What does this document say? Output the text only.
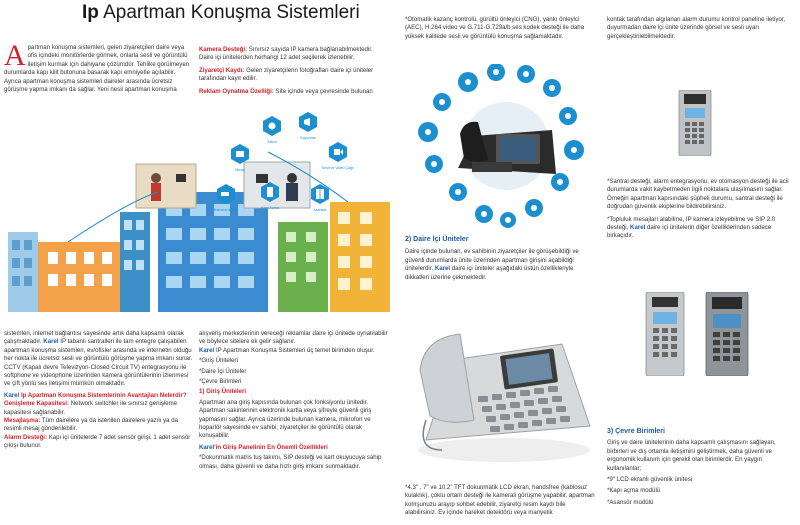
Ip Apartman Konuşma Sistemleri
A partman konuşma sistemleri, gelen ziyaretçileri daire veya ofis içindeki monitörlerde görmek, onlarla sesli ve görüntülü iletişim kurmak için dahiyane çözümdür. Tehlike görülmeyen durumlarda kapı kilit butonuna basarak kapı emniyetle açılabilir. Ayrıca apartman konuşma sistemleri daireler arasında ücretsiz görüşme yapma imkanı da sağlar. Yeni nesil apartman konuşma
Kamera Desteği: Sınırsız sayıda IP kamera bağlanabilmektedir. Daire içi ünitelerden herhangi 12 adet seçilerek izlenebilir.
Ziyaretçi Kaydı: Gelen ziyaretçilerin fotoğrafları daire içi üniteler tarafından kayıt edilir.
Reklam Oynatma Özelliği: Site içinde veya çevresinde bulunan
*Otomatik kazanç kontrolü, gürültü önleyici (CNG), yankı önleyici (AEC), H.264 video ve G.711-G.729a/b ses kodek desteği ile daha yüksek kalitede sesli ve görüntülü konuşma sağlamaktadır.
kontak tarafından algılanan alarm durumu kontrol paneline iletiyor, duyurmadan daire içi ünite üzerinde görsel ve sesli uyarı gerçekleştirilebilmektedir.
Mesaj
Alarm
Duyurular
Sesli ve Video Çağrı
Kamera İzleme	Kapı Açma	Asansör
2) Daire İçi Üniteler
Daire içinde bulunan, ev sahibinin ziyaretçiler ile görüşebildiği ve güvenli durumlarda ünite üzerinden apartman girişini açabildiği ünitelerdir. Karel daire içi üniteler aşağıdaki üstün özellikleriyle dikkatleri üzerine çekmektedir.
*Santral desteği, alarm entegrasyonu, ev otomasyon desteği ile acil durumlarda vakit kaybetmeden ilgili noktalara ulaşılmasını sağlar. Örneğin apartman kapısındaki şüpheli durumu, santral desteği ile doğrudan güvenlik ekiplerine bildirebilirsiniz.
*Topluluk mesajları alabilme, IP kamera izleyebilme ve SIP 2.0 desteği, Karel daire içi ünitelerin diğer özelliklerinden sadece birkaçıdır.
sistemleri, internet bağlantısı sayesinde artık daha kapsamlı olarak çalışmaktadır. Karel IP tabanlı santralleri ile tam entegre çalışabilen apartman konuşma sistemleri, ev/ofisler arasında ve internetin olduğu her nokta ile ücretsiz sesli ve görüntülü görüşme yapma imkanı sunar. CCTV (Kapalı devre Televizyon-Closed Circuit TV) entegrasyonu ile softphone ve videophone üzerinden kamera görüntülerinin izlenmesi ve çift yönlü ses iletişimi mümkün olmaktadır.
Karel Ip Apartman Konuşma Sistemlerinin Avantajları Nelerdir?
Genişleme Kapasitesi: Network switchler ile sınırsız genişleme kapasitesi sağlanabilir.
Mesajlaşma: Tüm dairelere ya da istenilen dairelere yazılı ya da resimli mesaj gönderilebilir.
Alarm Desteği: Kapı içi ünitelerde 7 adet sensör girişi, 1 adet sensör çıkışı bulunur.
alışveriş merkezlerinin vereceği reklamlar daire içi ünitede oynatılabilir ve böylece sitelere ek gelir sağlanır.
Karel IP Apartman Konuşma Sistemleri üç temel birimden oluşur.
*Giriş Üniteleri
*Daire İçi Üniteler
*Çevre Birimleri
1) Giriş Üniteleri
Apartman ana giriş kapısında bulunan çok fonksiyonlu ünitedir. Apartman sakinlerinin elektronik kartla veya şifreyle güvenli giriş yapmasını sağlar. Ayrıca üzerinde bulunan kamera, mikrofon ve hoparlör sayesinde ev sahibi, ziyaretçiler ile görüntülü olarak konuşabilir.
Karel'in Giriş Panelinin En Önemli Özellikleri
*Dokunmatik matris tuş takımı, SIP desteği ve kart okuyucuya sahip olması, daha güvenli ve daha hızlı giriş imkanı sunmaktadır.
*4.3" , 7" ve 10.2" TFT dokunmatik LCD ekran, handsfree (kablosuz kulaklık), çoklu ortam desteği ile kamerali görüşme yapabilir, apartman komşunuzu arayıp sohbet edebilir, ziyaretçi resim kaydı bile alabilirsiniz. Ev içinde hareket detektörü veya manyetik
3) Çevre Birimleri
Giriş ve daire ünitelerinin daha kapsamlı çalışmasını sağlayan, birbirleri ve dış ortamla iletişimini geliştirmek, daha güvenli ve ergonomik kullanım için gerekli olan birimlerdir. En yaygın kullanılanlar;
*9" LCD ekranlı güvenlik ünitesi
*Kapı açma modülü
*Asansör modülü
